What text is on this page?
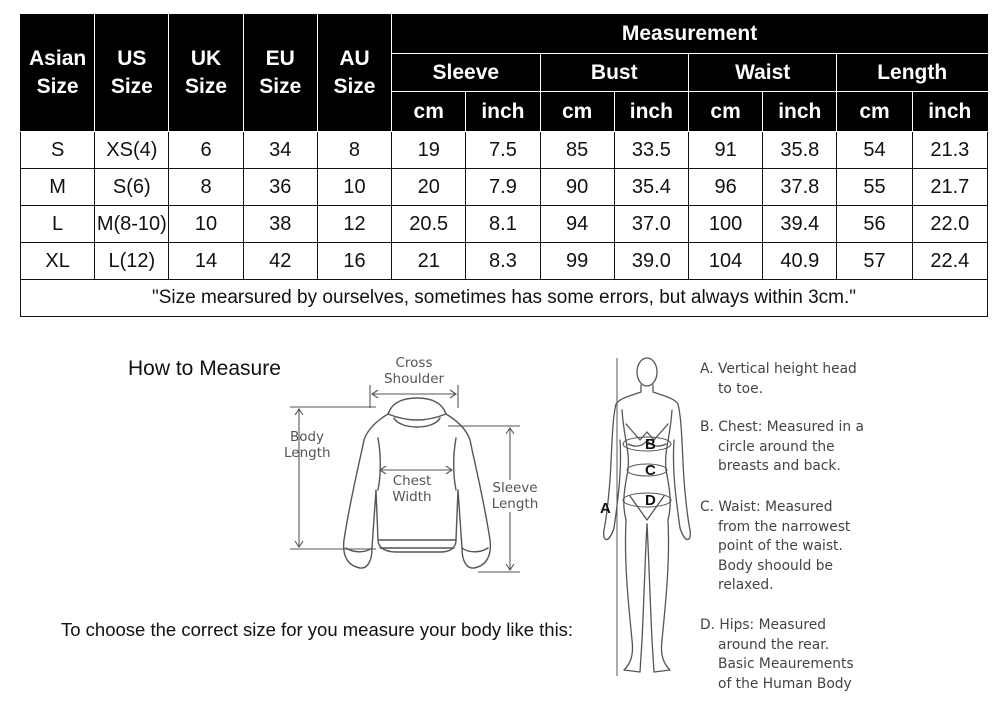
Asian
Size	US
Size	UK
Size	EU
Size	AU
Size	Measurement							
					Sleeve		Bust		Waist		Length	
					cm	inch	cm	inch	cm	inch	cm	inch
S	XS(4)	6	34	8	19	7.5	85	33.5	91	35.8	54	21.3
M	S(6)	8	36	10	20	7.9	90	35.4	96	37.8	55	21.7
L	M(8-10)	10	38	12	20.5	8.1	94	37.0	100	39.4	56	22.0
XL	L(12)	14	42	16	21	8.3	99	39.0	104	40.9	57	22.4
"Size mearsured by ourselves, sometimes has some errors, but always within 3cm."												
How to Measure
To choose the correct size for you measure your body like this:
B
C
D
A
Cross
Shoulder
Body
Length
Chest
Width
Sleeve
Length
A. Vertical height head
to toe.
B. Chest: Measured in a
circle around the
breasts and back.
C. Waist: Measured
from the narrowest
point of the waist.
Body shoould be
relaxed.
D. Hips: Measured
around the rear.
Basic Meaurements
of the Human Body
